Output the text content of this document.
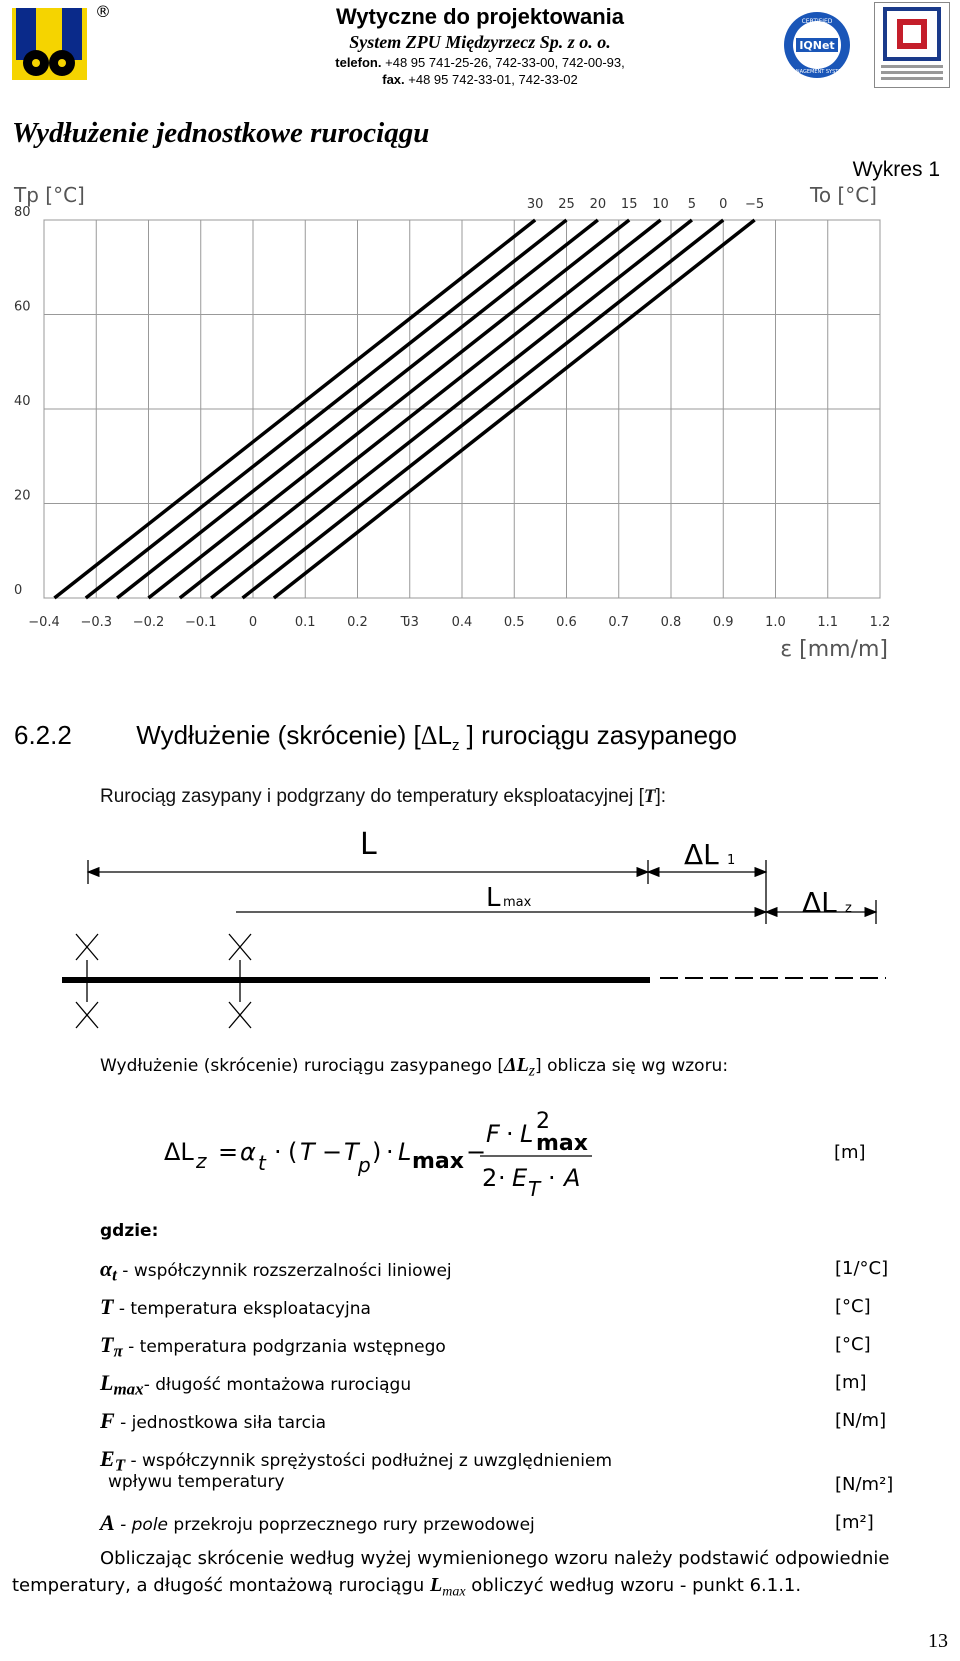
®	Wytyczne do projektowania
System ZPU Międzyrzecz Sp. z o. o.
telefon. +48 95 741-25-26, 742-33-00, 742-00-93,
fax. +48 95 742-33-01, 742-33-02
IQNet
CERTIFIED
MANAGEMENT SYSTEM
Wydłużenie jednostkowe rurociągu
Wykres 1
−0.4 −0.3 −0.2 −0.1 0	0.1 0.2	Ԏ3	0.4 0.5 0.6 0.7 0.8 0.9 1.0 1.1 1.2
80
60
40
20
0
30 25 20 15 10 5 0 −5
Tp [°C]	To [°C]
ε [mm/m]
6.2.2 Wydłużenie (skrócenie) [$\Delta L_z$ ] rurociągu zasypanego
Rurociąg zasypany i podgrzany do temperatury eksploatacyjnej [T]:
L
L max
ΔL 1
ΔL z
Wydłużenie (skrócenie) rurociągu zasypanego $[\Delta L_z]$ oblicza się wg wzoru:
ΔL z = α t · ( T − T p ) · L max −
F · L 2
max
2 · E T · A
[m]
gdzie:
$\alpha_t$ - współczynnik rozszerzalności liniowej	[1/°C]
T - temperatura eksploatacyjna	[°C]
$T_\pi$ - temperatura podgrzania wstępnego	[°C]
$L_{max}-$ długość montażowa rurociągu	[m]
F - jednostkowa siła tarcia	[N/m]
$E_T$ - współczynnik sprężystości podłużnej z uwzględnieniem
wpływu temperatury	[N/m²]
A - pole przekroju poprzecznego rury przewodowej	[m²]
Obliczając skrócenie według wyżej wymienionego wzoru należy podstawić odpowiednie
temperatury, a długość montażową rurociągu $L_{max}$ obliczyć według wzoru - punkt 6.1.1.
13
